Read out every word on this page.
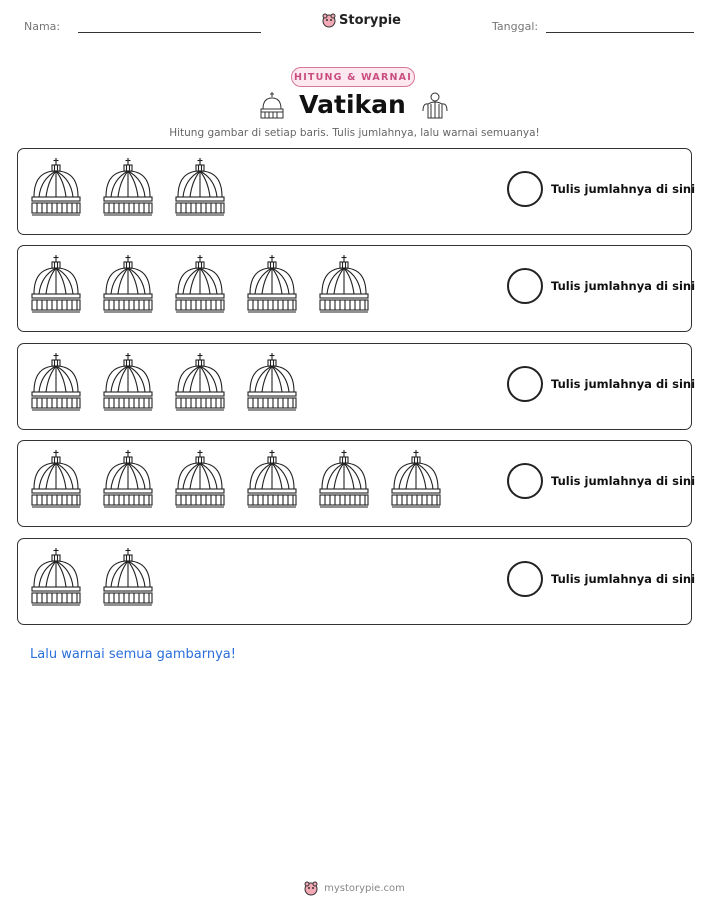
Nama:	Storypie	Tanggal:
HITUNG & WARNAI
Vatikan
Hitung gambar di setiap baris. Tulis jumlahnya, lalu warnai semuanya!
Tulis jumlahnya di sini
Tulis jumlahnya di sini
Tulis jumlahnya di sini
Tulis jumlahnya di sini
Tulis jumlahnya di sini
Lalu warnai semua gambarnya!
mystorypie.com
